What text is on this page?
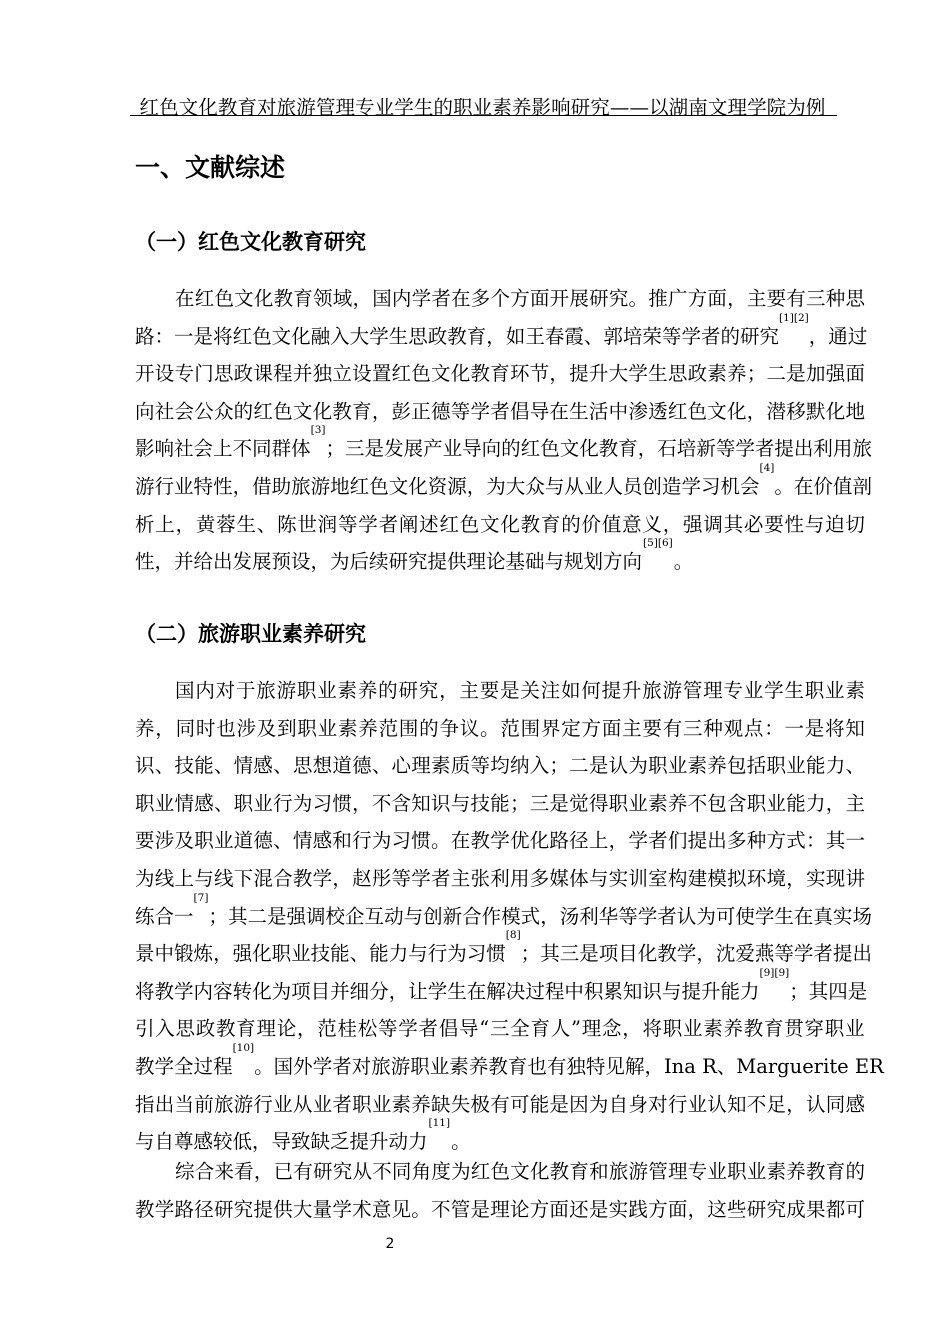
红色文化教育对旅游管理专业学生的职业素养影响研究——以湖南文理学院为例
一、文献综述
（一）红色文化教育研究
在 红 色 文 化 教 育 领 域 ， 国 内 学 者 在 多 个 方 面 开 展 研 究 。 推 广 方 面 ， 主 要 有 三 种 思
路 ： 一 是 将 红 色 文 化 融 入 大 学 生 思 政 教 育 ， 如 王 春 霞 、 郭 培 荣 等 学 者 的 研 究
[1][2]
， 通 过
开 设 专 门 思 政 课 程 并 独 立 设 置 红 色 文 化 教 育 环 节 ， 提 升 大 学 生 思 政 素 养 ； 二 是 加 强 面
向 社 会 公 众 的 红 色 文 化 教 育 ， 彭 正 德 等 学 者 倡 导 在 生 活 中 渗 透 红 色 文 化 ， 潜 移 默 化 地
影 响 社 会 上 不 同 群 体
[3]
； 三 是 发 展 产 业 导 向 的 红 色 文 化 教 育 ， 石 培 新 等 学 者 提 出 利 用 旅
游 行 业 特 性 ， 借 助 旅 游 地 红 色 文 化 资 源 ， 为 大 众 与 从 业 人 员 创 造 学 习 机 会
[4]
。 在 价 值 剖
析 上 ， 黄 蓉 生 、 陈 世 润 等 学 者 阐 述 红 色 文 化 教 育 的 价 值 意 义 ， 强 调 其 必 要 性 与 迫 切
性，并给出发展预设，为后续研究提供理论基础与规划方向
[5][6]
。
（二）旅游职业素养研究
国 内 对 于 旅 游 职 业 素 养 的 研 究 ， 主 要 是 关 注 如 何 提 升 旅 游 管 理 专 业 学 生 职 业 素
养 ， 同 时 也 涉 及 到 职 业 素 养 范 围 的 争 议 。 范 围 界 定 方 面 主 要 有 三 种 观 点 ： 一 是 将 知
识 、 技 能 、 情 感 、 思 想 道 德 、 心 理 素 质 等 均 纳 入 ； 二 是 认 为 职 业 素 养 包 括 职 业 能 力 、
职 业 情 感 、 职 业 行 为 习 惯 ， 不 含 知 识 与 技 能 ； 三 是 觉 得 职 业 素 养 不 包 含 职 业 能 力 ， 主
要 涉 及 职 业 道 德 、 情 感 和 行 为 习 惯 。 在 教 学 优 化 路 径 上 ， 学 者 们 提 出 多 种 方 式 ： 其 一
为 线 上 与 线 下 混 合 教 学 ， 赵 彤 等 学 者 主 张 利 用 多 媒 体 与 实 训 室 构 建 模 拟 环 境 ， 实 现 讲
练 合 一
[7]
； 其 二 是 强 调 校 企 互 动 与 创 新 合 作 模 式 ， 汤 利 华 等 学 者 认 为 可 使 学 生 在 真 实 场
景 中 锻 炼 ， 强 化 职 业 技 能 、 能 力 与 行 为 习 惯
[8]
； 其 三 是 项 目 化 教 学 ， 沈 爱 燕 等 学 者 提 出
将 教 学 内 容 转 化 为 项 目 并 细 分 ， 让 学 生 在 解 决 过 程 中 积 累 知 识 与 提 升 能 力
[9][9]
； 其 四 是
引 入 思 政 教 育 理 论 ， 范 桂 松 等 学 者 倡 导 “ 三 全 育 人 ” 理 念 ， 将 职 业 素 养 教 育 贯 穿 职 业
教 学 全 过 程
[10]
。 国 外 学 者 对 旅 游 职 业 素 养 教 育 也 有 独 特 见 解 ， Ina
R 、 Marguerite
ER
指 出 当 前 旅 游 行 业 从 业 者 职 业 素 养 缺 失 极 有 可 能 是 因 为 自 身 对 行 业 认 知 不 足 ， 认 同 感
与自尊感较低，导致缺乏提升动力
[11]
。
综 合 来 看 ， 已 有 研 究 从 不 同 角 度 为 红 色 文 化 教 育 和 旅 游 管 理 专 业 职 业 素 养 教 育 的
教 学 路 径 研 究 提 供 大 量 学 术 意 见 。 不 管 是 理 论 方 面 还 是 实 践 方 面 ， 这 些 研 究 成 果 都 可
2
